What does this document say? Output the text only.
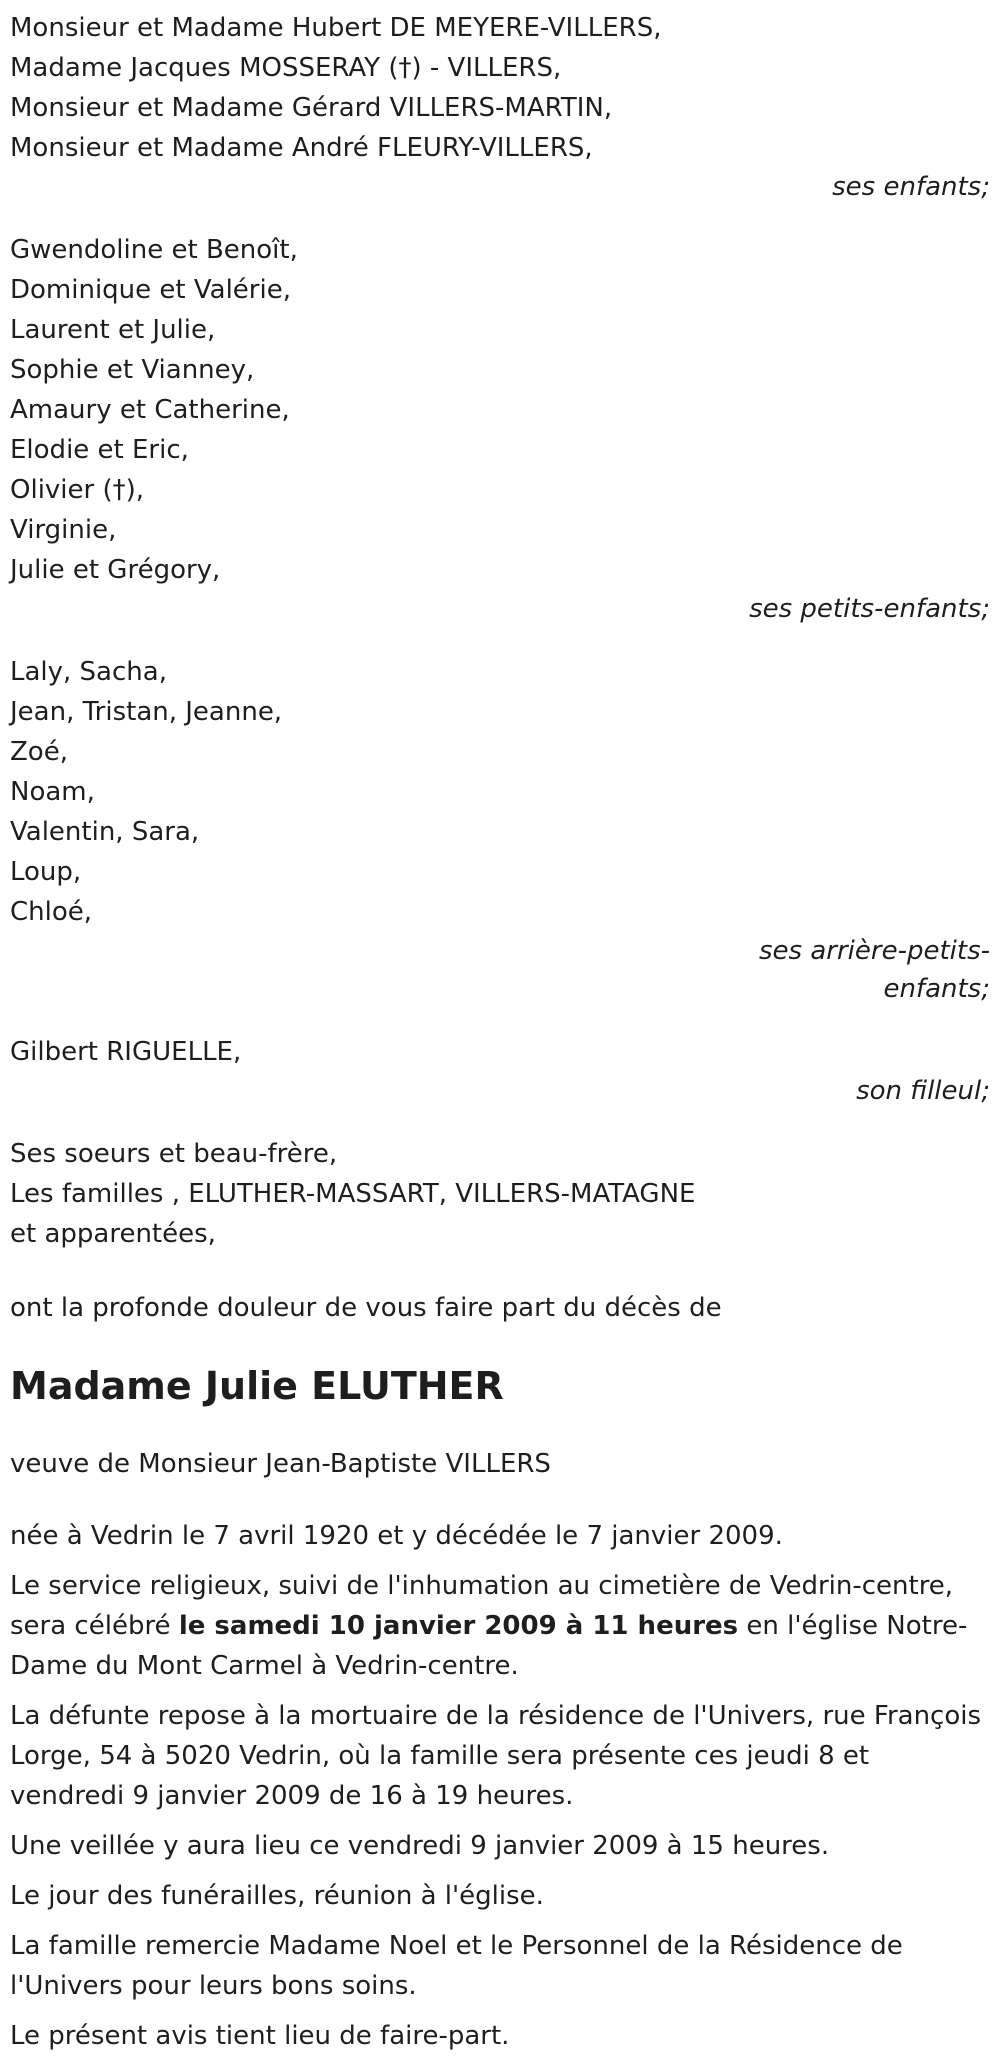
Monsieur et Madame Hubert DE MEYERE-VILLERS,
Madame Jacques MOSSERAY (†) - VILLERS,
Monsieur et Madame Gérard VILLERS-MARTIN,
Monsieur et Madame André FLEURY-VILLERS,
ses enfants;
Gwendoline et Benoît,
Dominique et Valérie,
Laurent et Julie,
Sophie et Vianney,
Amaury et Catherine,
Elodie et Eric,
Olivier (†),
Virginie,
Julie et Grégory,
ses petits-enfants;
Laly, Sacha,
Jean, Tristan, Jeanne,
Zoé,
Noam,
Valentin, Sara,
Loup,
Chloé,
ses arrière-petits-enfants;
Gilbert RIGUELLE,
son filleul;
Ses soeurs et beau-frère,
Les familles , ELUTHER-MASSART, VILLERS-MATAGNE
et apparentées,

ont la profonde douleur de vous faire part du décès de

Madame Julie ELUTHER

veuve de Monsieur Jean-Baptiste VILLERS

née à Vedrin le 7 avril 1920 et y décédée le 7 janvier 2009.

Le service religieux, suivi de l'inhumation au cimetière de Vedrin-centre, sera célébré le samedi 10 janvier 2009 à 11 heures en l'église Notre-Dame du Mont Carmel à Vedrin-centre.

La défunte repose à la mortuaire de la résidence de l'Univers, rue François Lorge, 54 à 5020 Vedrin, où la famille sera présente ces jeudi 8 et vendredi 9 janvier 2009 de 16 à 19 heures.

Une veillée y aura lieu ce vendredi 9 janvier 2009 à 15 heures.

Le jour des funérailles, réunion à l'église.

La famille remercie Madame Noel et le Personnel de la Résidence de l'Univers pour leurs bons soins.

Le présent avis tient lieu de faire-part.
